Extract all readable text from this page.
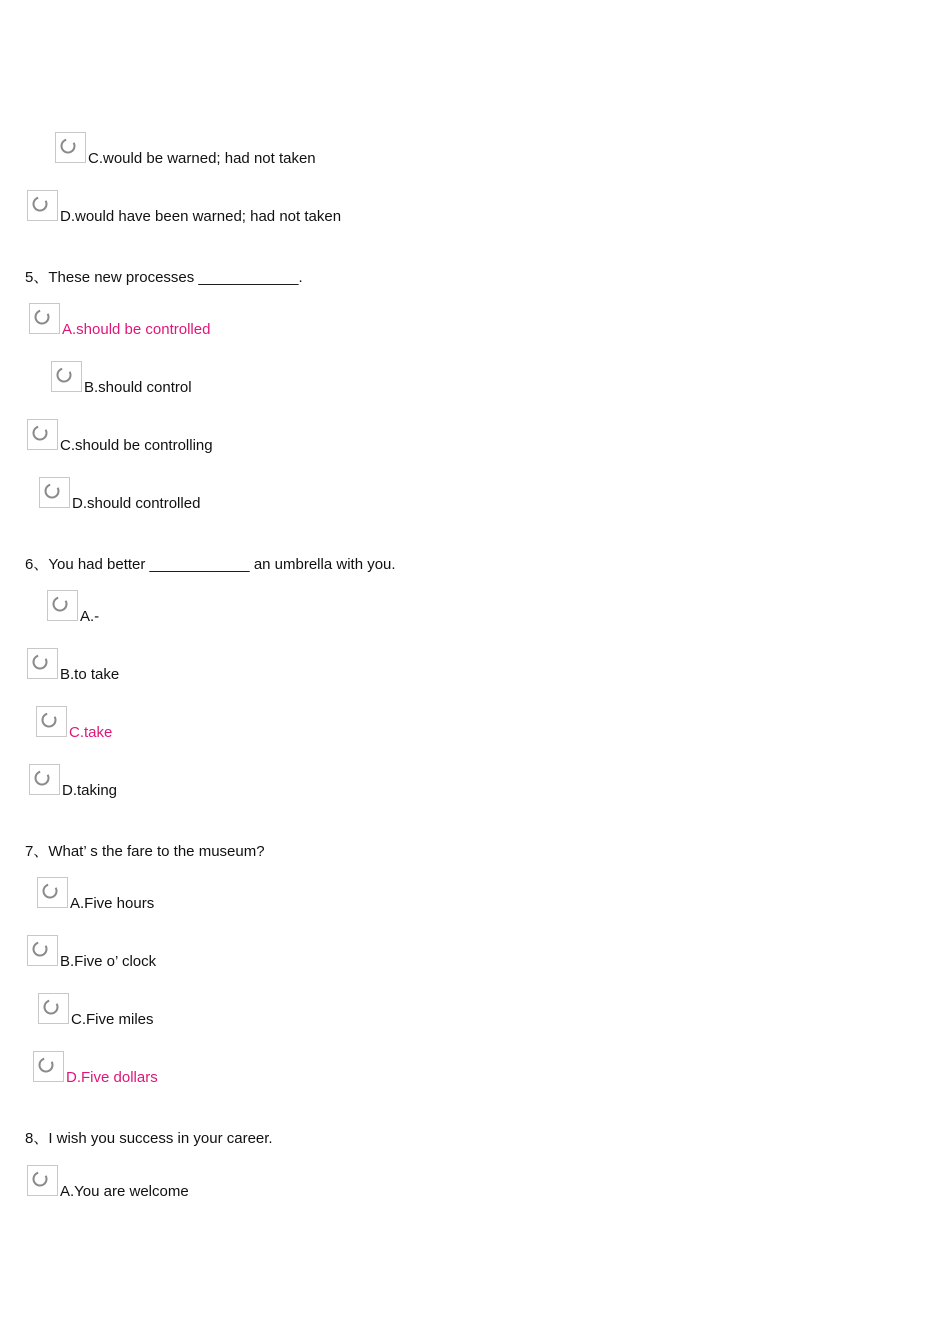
C.would be warned; had not taken
D.would have been warned; had not taken
5、These new processes ____________.
A.should be controlled
B.should control
C.should be controlling
D.should controlled
6、You had better ____________ an umbrella with you.
A.-
B.to take
C.take
D.taking
7、What’ s the fare to the museum?
A.Five hours
B.Five o’ clock
C.Five miles
D.Five dollars
8、I wish you success in your career.
A.You are welcome
